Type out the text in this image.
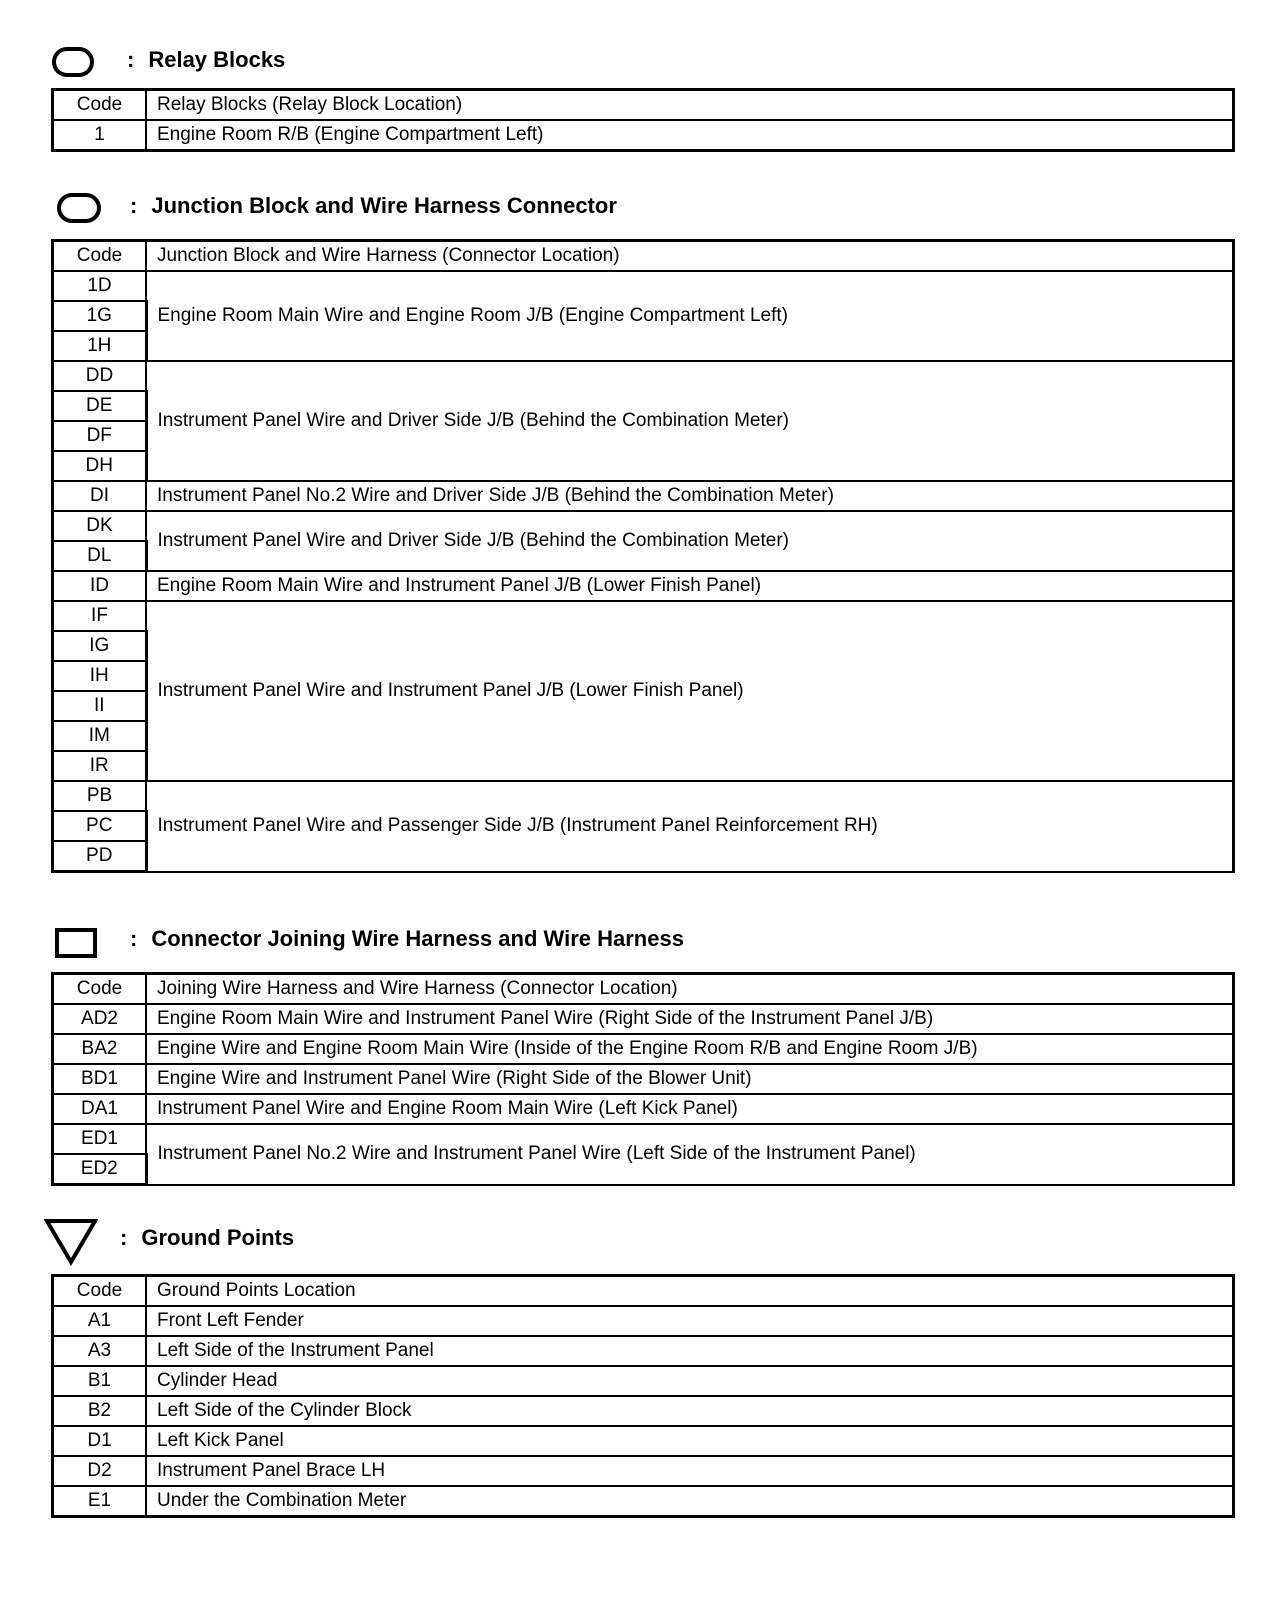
: Relay Blocks
Code	Relay Blocks (Relay Block Location)
1	Engine Room R/B (Engine Compartment Left)
: Junction Block and Wire Harness Connector
Code	Junction Block and Wire Harness (Connector Location)
1D	Engine Room Main Wire and Engine Room J/B (Engine Compartment Left)
1G	
1H	
DD	Instrument Panel Wire and Driver Side J/B (Behind the Combination Meter)
DE	
DF	
DH	
DI	Instrument Panel No.2 Wire and Driver Side J/B (Behind the Combination Meter)
DK	Instrument Panel Wire and Driver Side J/B (Behind the Combination Meter)
DL	
ID	Engine Room Main Wire and Instrument Panel J/B (Lower Finish Panel)
IF	Instrument Panel Wire and Instrument Panel J/B (Lower Finish Panel)
IG	
IH	
II	
IM	
IR	
PB	Instrument Panel Wire and Passenger Side J/B (Instrument Panel Reinforcement RH)
PC	
PD	
: Connector Joining Wire Harness and Wire Harness
Code	Joining Wire Harness and Wire Harness (Connector Location)
AD2	Engine Room Main Wire and Instrument Panel Wire (Right Side of the Instrument Panel J/B)
BA2	Engine Wire and Engine Room Main Wire (Inside of the Engine Room R/B and Engine Room J/B)
BD1	Engine Wire and Instrument Panel Wire (Right Side of the Blower Unit)
DA1	Instrument Panel Wire and Engine Room Main Wire (Left Kick Panel)
ED1	Instrument Panel No.2 Wire and Instrument Panel Wire (Left Side of the Instrument Panel)
ED2	
: Ground Points
Code	Ground Points Location
A1	Front Left Fender
A3	Left Side of the Instrument Panel
B1	Cylinder Head
B2	Left Side of the Cylinder Block
D1	Left Kick Panel
D2	Instrument Panel Brace LH
E1	Under the Combination Meter
